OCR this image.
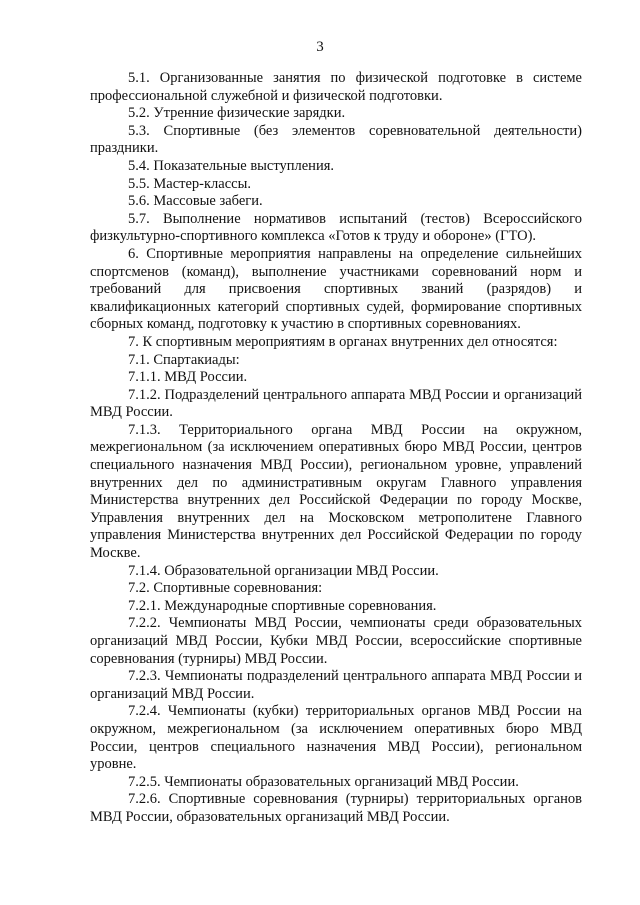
3

5.1. Организованные занятия по физической подготовке в системе профессиональной служебной и физической подготовки.

5.2. Утренние физические зарядки.

5.3. Спортивные (без элементов соревновательной деятельности) праздники.

5.4. Показательные выступления.

5.5. Мастер-классы.

5.6. Массовые забеги.

5.7. Выполнение нормативов испытаний (тестов) Всероссийского физкультурно-спортивного комплекса «Готов к труду и обороне» (ГТО).

6. Спортивные мероприятия направлены на определение сильнейших спортсменов (команд), выполнение участниками соревнований норм и требований для присвоения спортивных званий (разрядов) и квалификационных категорий спортивных судей, формирование спортивных сборных команд, подготовку к участию в спортивных соревнованиях.

7. К спортивным мероприятиям в органах внутренних дел относятся:

7.1. Спартакиады:

7.1.1. МВД России.

7.1.2. Подразделений центрального аппарата МВД России и организаций МВД России.

7.1.3. Территориального органа МВД России на окружном, межрегиональном (за исключением оперативных бюро МВД России, центров специального назначения МВД России), региональном уровне, управлений внутренних дел по административным округам Главного управления Министерства внутренних дел Российской Федерации по городу Москве, Управления внутренних дел на Московском метрополитене Главного управления Министерства внутренних дел Российской Федерации по городу Москве.

7.1.4. Образовательной организации МВД России.

7.2. Спортивные соревнования:

7.2.1. Международные спортивные соревнования.

7.2.2. Чемпионаты МВД России, чемпионаты среди образовательных организаций МВД России, Кубки МВД России, всероссийские спортивные соревнования (турниры) МВД России.

7.2.3. Чемпионаты подразделений центрального аппарата МВД России и организаций МВД России.

7.2.4. Чемпионаты (кубки) территориальных органов МВД России на окружном, межрегиональном (за исключением оперативных бюро МВД России, центров специального назначения МВД России), региональном уровне.

7.2.5. Чемпионаты образовательных организаций МВД России.

7.2.6. Спортивные соревнования (турниры) территориальных органов МВД России, образовательных организаций МВД России.
